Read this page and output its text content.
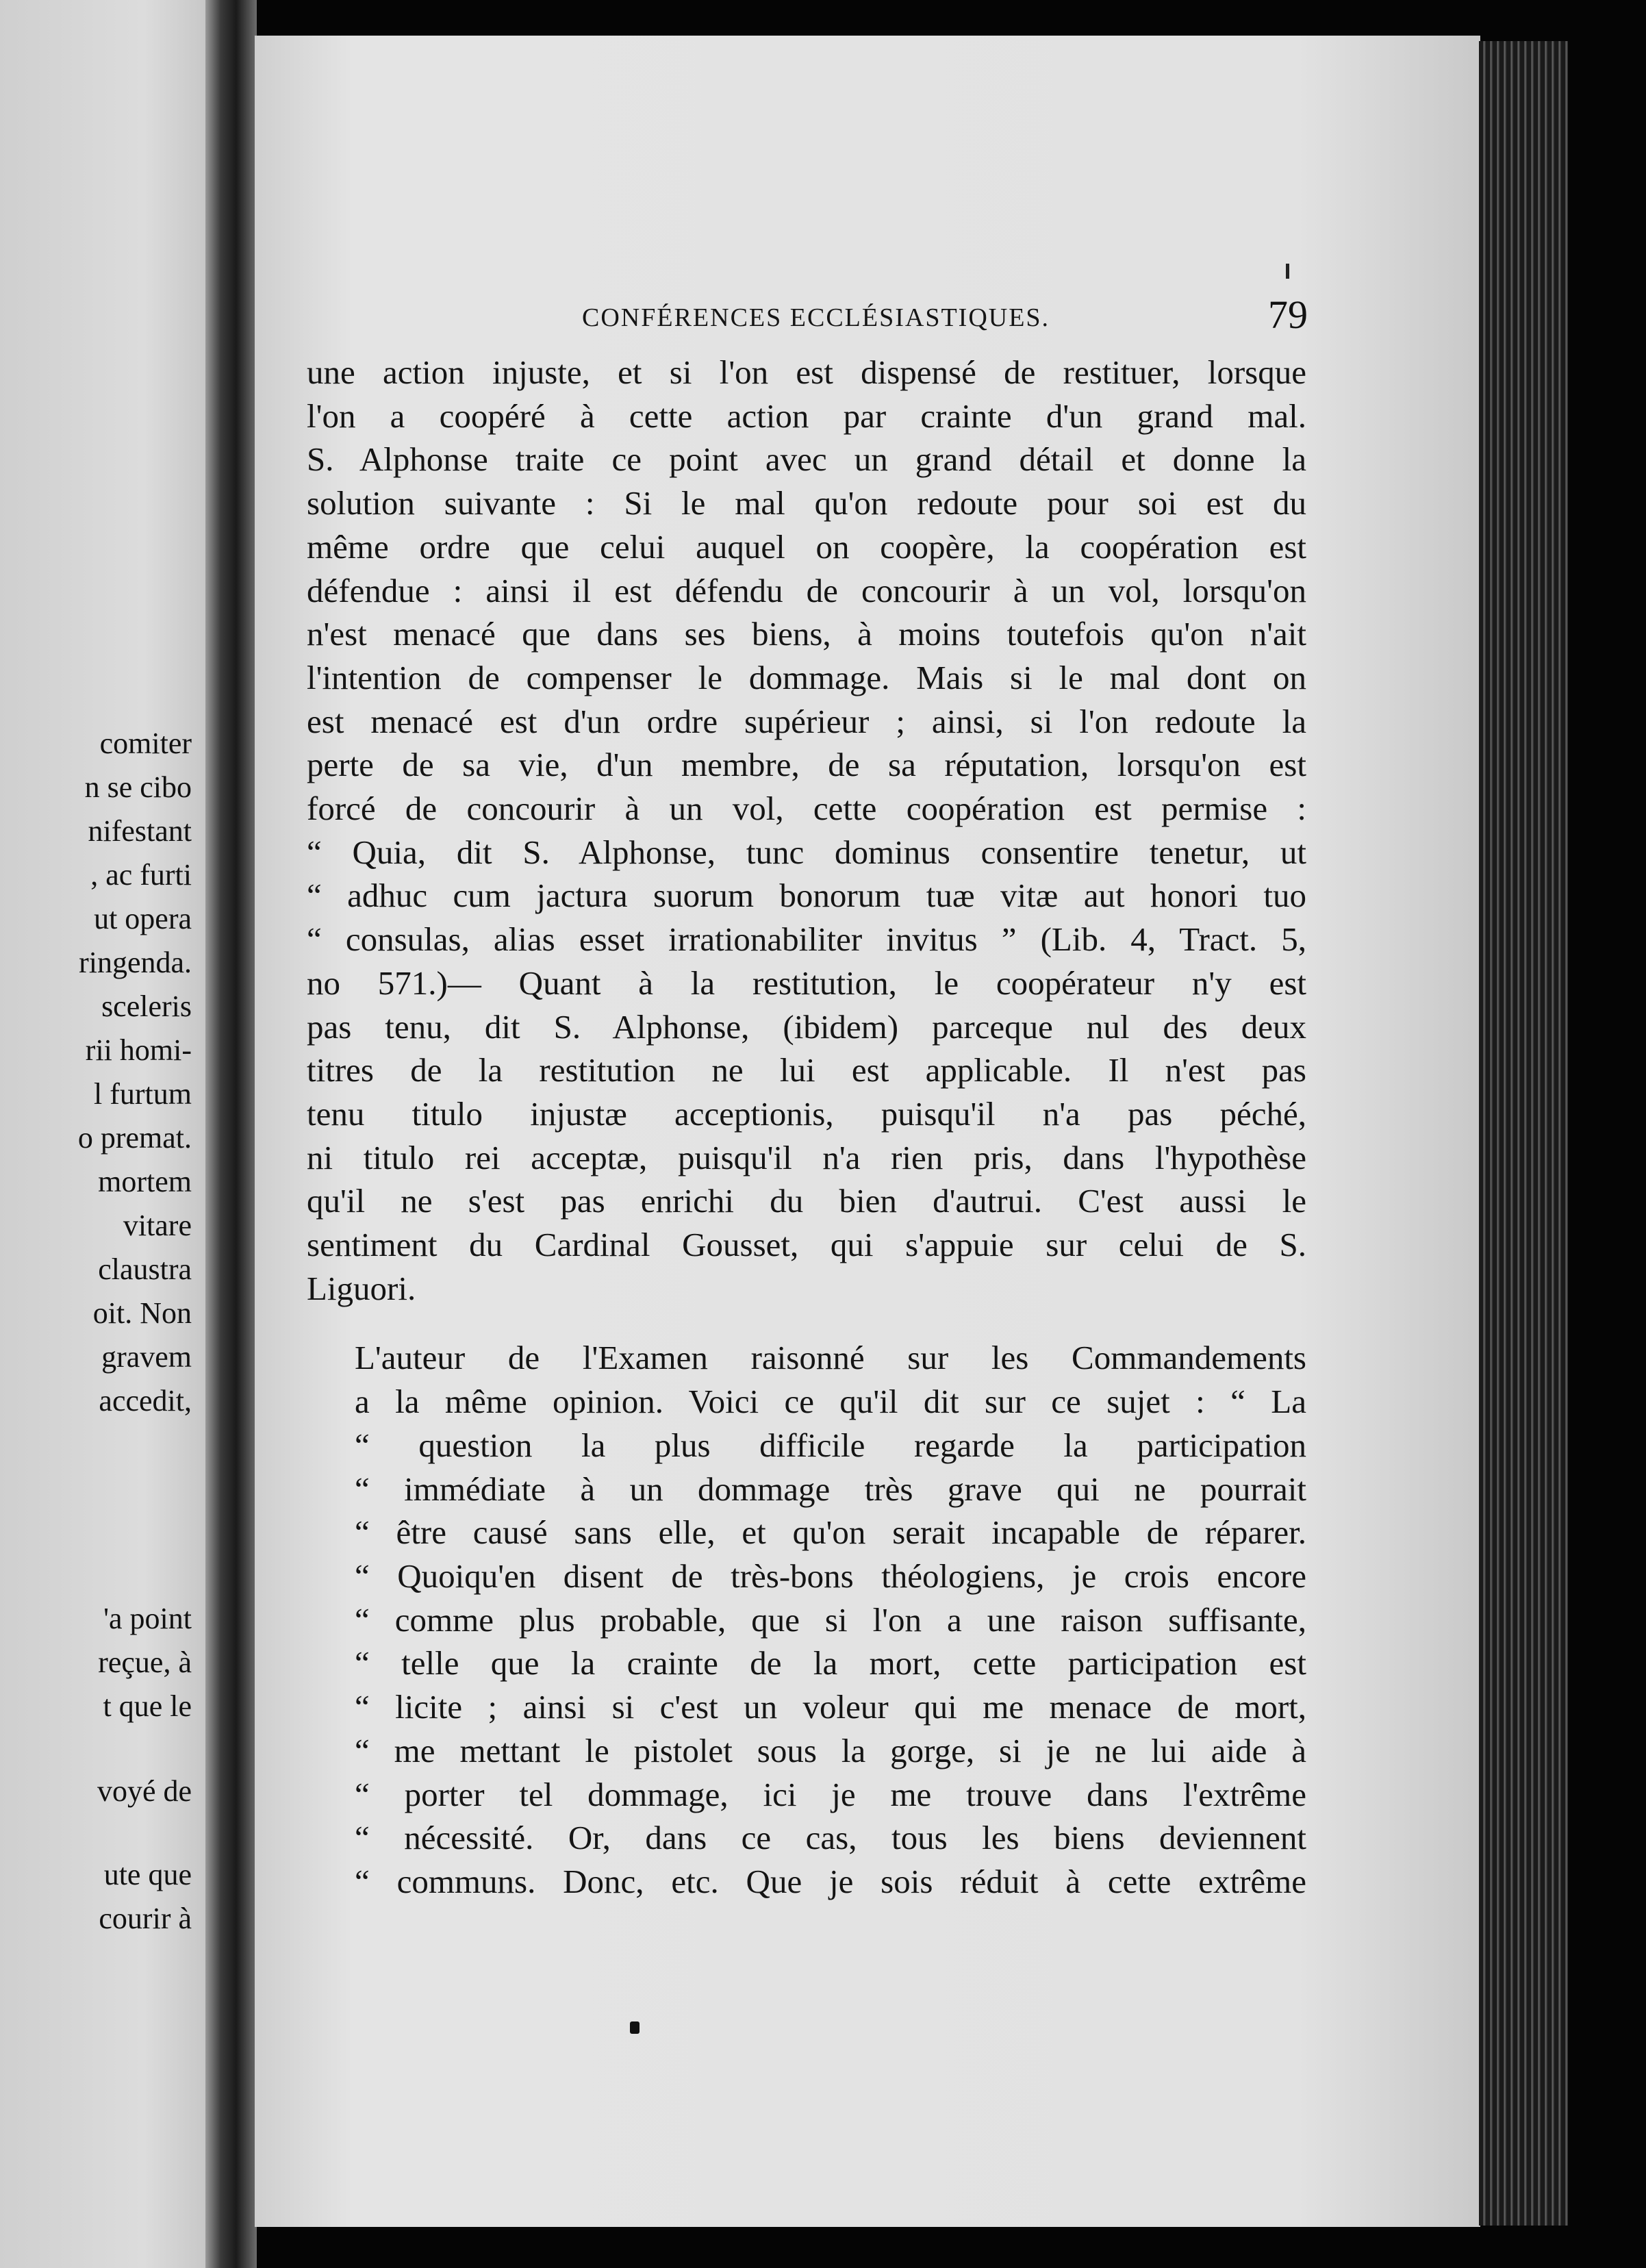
comiter
n se cibo
nifestant
, ac furti
ut opera
ringenda.
sceleris
rii homi-
l furtum
o premat.
mortem
vitare
claustra
oit. Non
gravem
accedit,
'a point
reçue, à
t que le
voyé de
ute que
courir à
CONFÉRENCES ECCLÉSIASTIQUES.	79

une action injuste, et si l'on est dispensé de restituer, lorsque
l'on a coopéré à cette action par crainte d'un grand mal.
S. Alphonse traite ce point avec un grand détail et donne la
solution suivante : Si le mal qu'on redoute pour soi est du
même ordre que celui auquel on coopère, la coopération est
défendue : ainsi il est défendu de concourir à un vol, lorsqu'on
n'est menacé que dans ses biens, à moins toutefois qu'on n'ait
l'intention de compenser le dommage. Mais si le mal dont on
est menacé est d'un ordre supérieur ; ainsi, si l'on redoute la
perte de sa vie, d'un membre, de sa réputation, lorsqu'on est
forcé de concourir à un vol, cette coopération est permise :
“ Quia, dit S. Alphonse, tunc dominus consentire tenetur, ut
“ adhuc cum jactura suorum bonorum tuæ vitæ aut honori tuo
“ consulas, alias esset irrationabiliter invitus ” (Lib. 4, Tract. 5,
no 571.)— Quant à la restitution, le coopérateur n'y est
pas tenu, dit S. Alphonse, (ibidem) parceque nul des deux
titres de la restitution ne lui est applicable. Il n'est pas
tenu titulo injustæ acceptionis, puisqu'il n'a pas péché,
ni titulo rei acceptæ, puisqu'il n'a rien pris, dans l'hypothèse
qu'il ne s'est pas enrichi du bien d'autrui. C'est aussi le
sentiment du Cardinal Gousset, qui s'appuie sur celui de S.
Liguori.

L'auteur de l'Examen raisonné sur les Commandements
a la même opinion. Voici ce qu'il dit sur ce sujet : “ La
“ question la plus difficile regarde la participation
“ immédiate à un dommage très grave qui ne pourrait
“ être causé sans elle, et qu'on serait incapable de réparer.
“ Quoiqu'en disent de très-bons théologiens, je crois encore
“ comme plus probable, que si l'on a une raison suffisante,
“ telle que la crainte de la mort, cette participation est
“ licite ; ainsi si c'est un voleur qui me menace de mort,
“ me mettant le pistolet sous la gorge, si je ne lui aide à
“ porter tel dommage, ici je me trouve dans l'extrême
“ nécessité. Or, dans ce cas, tous les biens deviennent
“ communs. Donc, etc. Que je sois réduit à cette extrême
